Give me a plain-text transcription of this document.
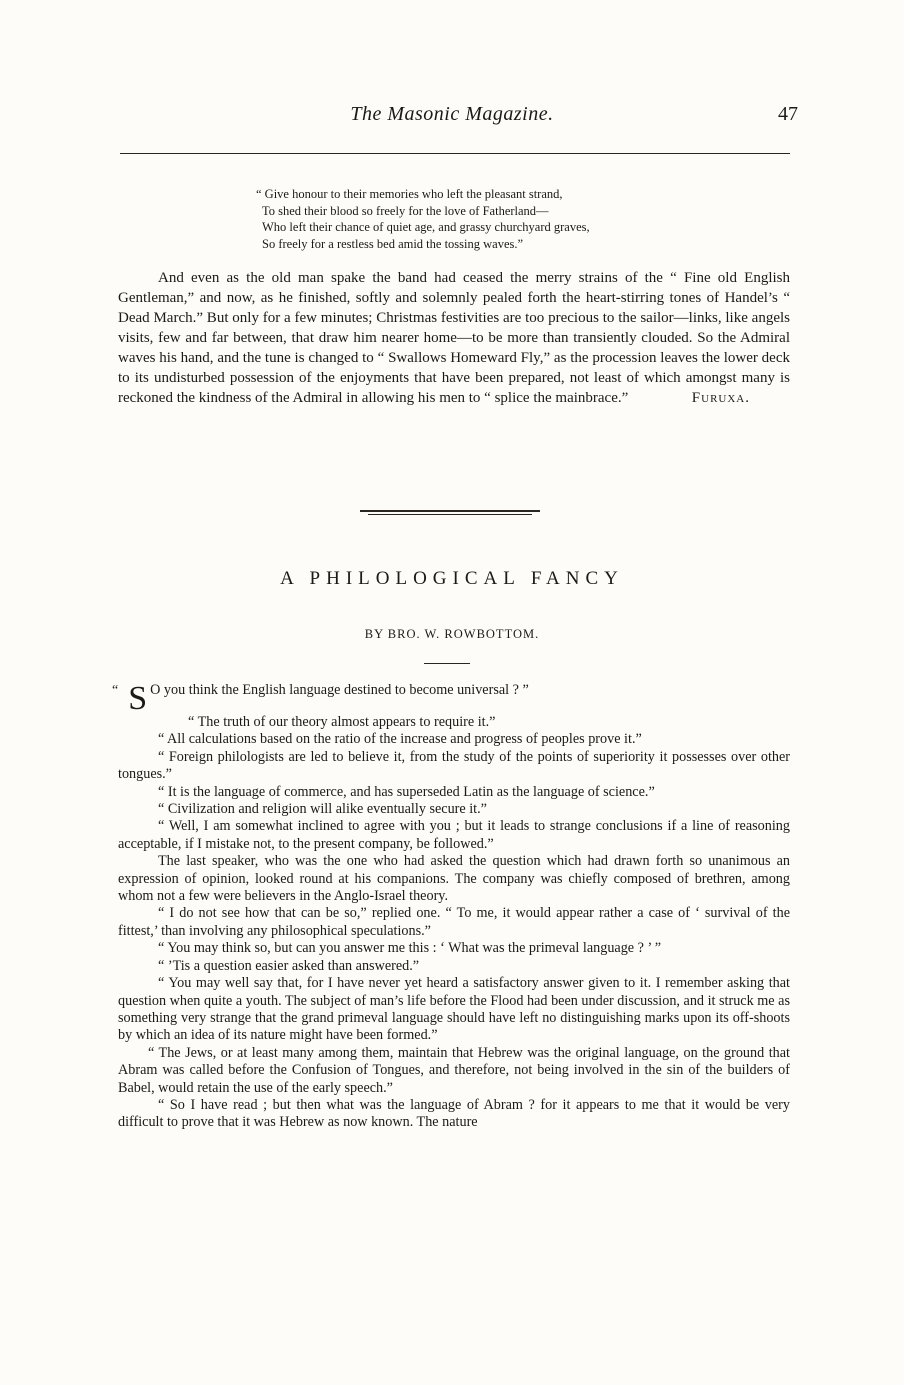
The Masonic Magazine.	47
“ Give honour to their memories who left the pleasant strand,
To shed their blood so freely for the love of Fatherland—
Who left their chance of quiet age, and grassy churchyard graves,
So freely for a restless bed amid the tossing waves.”
And even as the old man spake the band had ceased the merry strains of the “ Fine old English Gentleman,” and now, as he finished, softly and solemnly pealed forth the heart-stirring tones of Handel’s “ Dead March.” But only for a few minutes; Christmas festivities are too precious to the sailor—links, like angels visits, few and far between, that draw him nearer home—to be more than transiently clouded. So the Admiral waves his hand, and the tune is changed to “ Swallows Homeward Fly,” as the procession leaves the lower deck to its undisturbed possession of the enjoyments that have been prepared, not least of which amongst many is reckoned the kindness of the Admiral in allowing his men to “ splice the mainbrace.”	Furuxa.
A PHILOLOGICAL FANCY
BY BRO. W. ROWBOTTOM.

“ S O you think the English language destined to become universal ? ”

“ The truth of our theory almost appears to require it.”

“ All calculations based on the ratio of the increase and progress of peoples prove it.”

“ Foreign philologists are led to believe it, from the study of the points of superiority it possesses over other tongues.”

“ It is the language of commerce, and has superseded Latin as the language of science.”

“ Civilization and religion will alike eventually secure it.”

“ Well, I am somewhat inclined to agree with you ; but it leads to strange conclusions if a line of reasoning acceptable, if I mistake not, to the present company, be followed.”

The last speaker, who was the one who had asked the question which had drawn forth so unanimous an expression of opinion, looked round at his companions. The company was chiefly composed of brethren, among whom not a few were believers in the Anglo-Israel theory.

“ I do not see how that can be so,” replied one. “ To me, it would appear rather a case of ‘ survival of the fittest,’ than involving any philosophical speculations.”

“ You may think so, but can you answer me this : ‘ What was the primeval language ? ’ ”

“ ’Tis a question easier asked than answered.”

“ You may well say that, for I have never yet heard a satisfactory answer given to it. I remember asking that question when quite a youth. The subject of man’s life before the Flood had been under discussion, and it struck me as something very strange that the grand primeval language should have left no distinguishing marks upon its off-shoots by which an idea of its nature might have been formed.”

“ The Jews, or at least many among them, maintain that Hebrew was the original language, on the ground that Abram was called before the Confusion of Tongues, and therefore, not being involved in the sin of the builders of Babel, would retain the use of the early speech.”

“ So I have read ; but then what was the language of Abram ? for it appears to me that it would be very difficult to prove that it was Hebrew as now known. The nature
